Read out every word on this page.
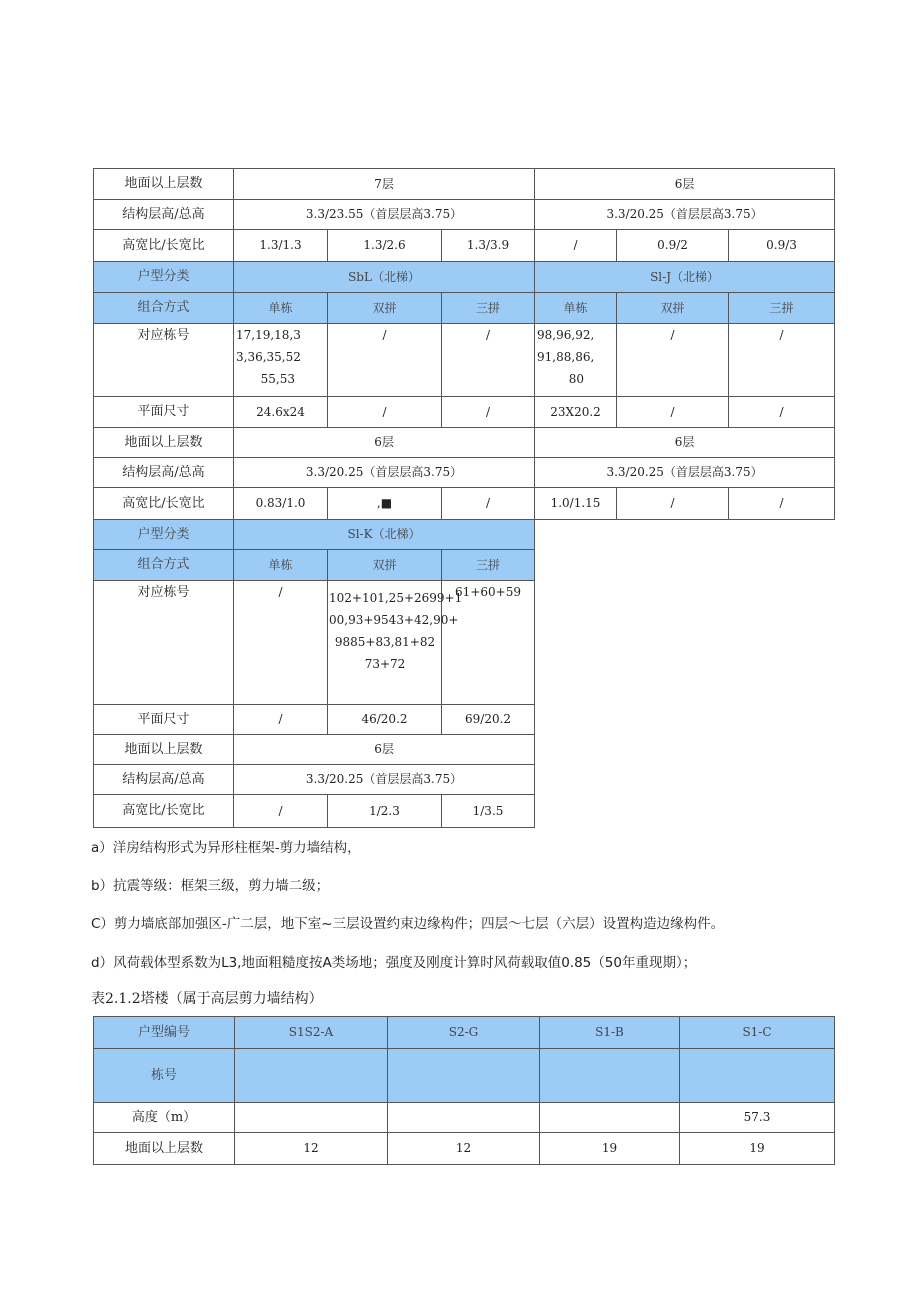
地面以上层数	7层			6层		
结构层高/总高	3.3/23.55（首层层高3.75）			3.3/20.25（首层层高3.75）		
高宽比/长宽比	1.3/1.3	1.3/2.6	1.3/3.9	/	0.9/2	0.9/3
户型分类	SbL（北梯）			Sl-J（北梯）		
组合方式	单栋	双拼	三拼	单栋	双拼	三拼
对应栋号	17,19,18,3
3,36,35,52
55,53	/	/	98,96,92,
91,88,86,
80	/	/
平面尺寸	24.6x24	/	/	23X20.2	/	/
地面以上层数	6层			6层		
结构层高/总高	3.3/20.25（首层层高3.75）			3.3/20.25（首层层高3.75）		
高宽比/长宽比	0.83/1.0	,■	/	1.0/1.15	/	/
户型分类	Sl-K（北梯）					
组合方式	单栋	双拼	三拼			
对应栋号	/	102+101,25+2699+1
00,93+9543+42,90+
9885+83,81+82
73+72	61+60+59			
平面尺寸	/	46/20.2	69/20.2			
地面以上层数	6层					
结构层高/总高	3.3/20.25（首层层高3.75）					
高宽比/长宽比	/	1/2.3	1/3.5			
a）洋房结构形式为异形柱框架-剪力墙结构，
b）抗震等级：框架三级，剪力墙二级；
C）剪力墙底部加强区-广二层，地下室~三层设置约束边缘构件；四层～七层（六层）设置构造边缘构件。
d）风荷载体型系数为L3,地面粗糙度按A类场地；强度及刚度计算时风荷载取值0.85（50年重现期）；
表2.1.2塔楼（属于高层剪力墙结构）
户型编号	S1S2-A	S2-G	S1-B	S1-C
栋号				
高度（m）				57.3
地面以上层数	12	12	19	19
